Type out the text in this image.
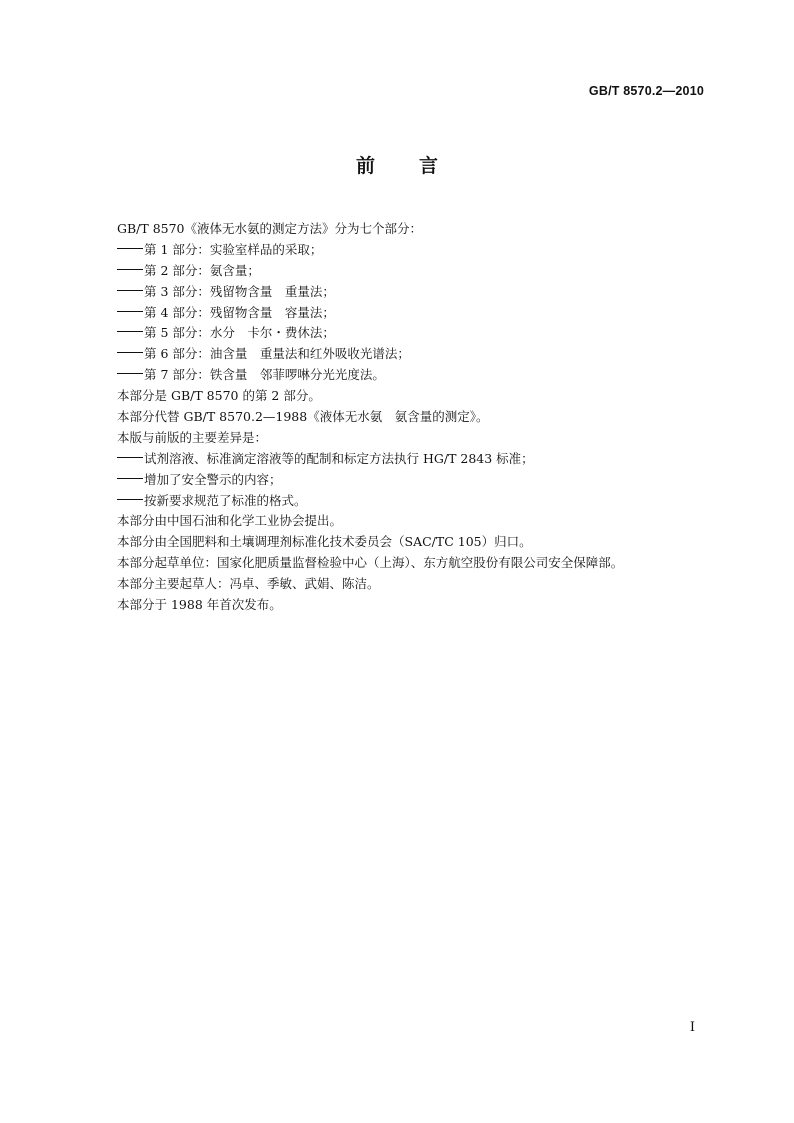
GB/T 8570.2—2010
前 言
GB/T 8570《液体无水氨的测定方法》分为七个部分：
第 1 部分：实验室样品的采取；
第 2 部分：氨含量；
第 3 部分：残留物含量　重量法；
第 4 部分：残留物含量　容量法；
第 5 部分：水分　卡尔・费休法；
第 6 部分：油含量　重量法和红外吸收光谱法；
第 7 部分：铁含量　邻菲啰啉分光光度法。
本部分是 GB/T 8570 的第 2 部分。
本部分代替 GB/T 8570.2—1988《液体无水氨　氨含量的测定》。
本版与前版的主要差异是：
试剂溶液、标准滴定溶液等的配制和标定方法执行 HG/T 2843 标准；
增加了安全警示的内容；
按新要求规范了标准的格式。
本部分由中国石油和化学工业协会提出。
本部分由全国肥料和土壤调理剂标准化技术委员会（SAC/TC 105）归口。
本部分起草单位：国家化肥质量监督检验中心（上海）、东方航空股份有限公司安全保障部。
本部分主要起草人：冯卓、季敏、武娟、陈洁。
本部分于 1988 年首次发布。
I
